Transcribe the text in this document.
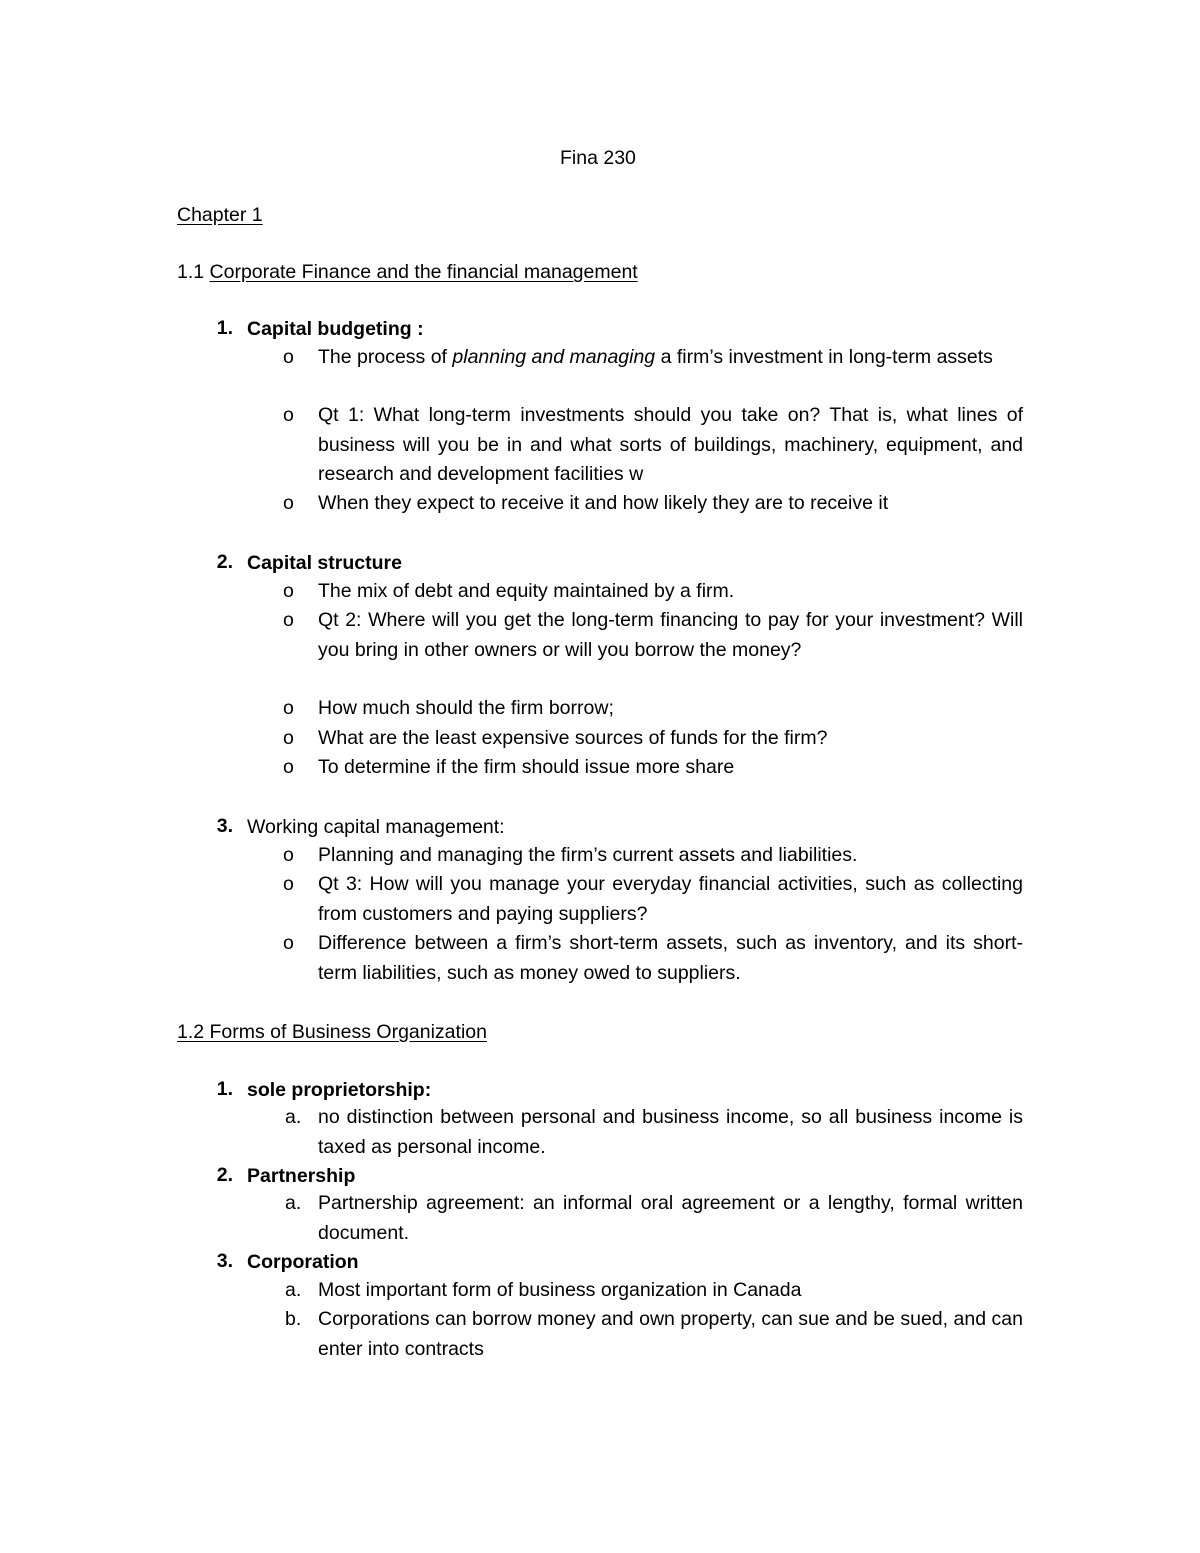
Fina 230
Chapter 1
1.1 Corporate Finance and the financial management
1. Capital budgeting :
o The process of planning and managing a firm’s investment in long-term assets
o Qt 1: What long-term investments should you take on? That is, what lines of business will you be in and what sorts of buildings, machinery, equipment, and research and development facilities w
o When they expect to receive it and how likely they are to receive it
2. Capital structure
o The mix of debt and equity maintained by a firm.
o Qt 2: Where will you get the long-term financing to pay for your investment? Will you bring in other owners or will you borrow the money?
o How much should the firm borrow;
o What are the least expensive sources of funds for the firm?
o To determine if the firm should issue more share
3. Working capital management:
o Planning and managing the firm’s current assets and liabilities.
o Qt 3: How will you manage your everyday financial activities, such as collecting from customers and paying suppliers?
o Difference between a firm’s short-term assets, such as inventory, and its short-term liabilities, such as money owed to suppliers.
1.2 Forms of Business Organization
1. sole proprietorship:
a. no distinction between personal and business income, so all business income is taxed as personal income.
2. Partnership
a. Partnership agreement: an informal oral agreement or a lengthy, formal written document.
3. Corporation
a. Most important form of business organization in Canada
b. Corporations can borrow money and own property, can sue and be sued, and can enter into contracts
